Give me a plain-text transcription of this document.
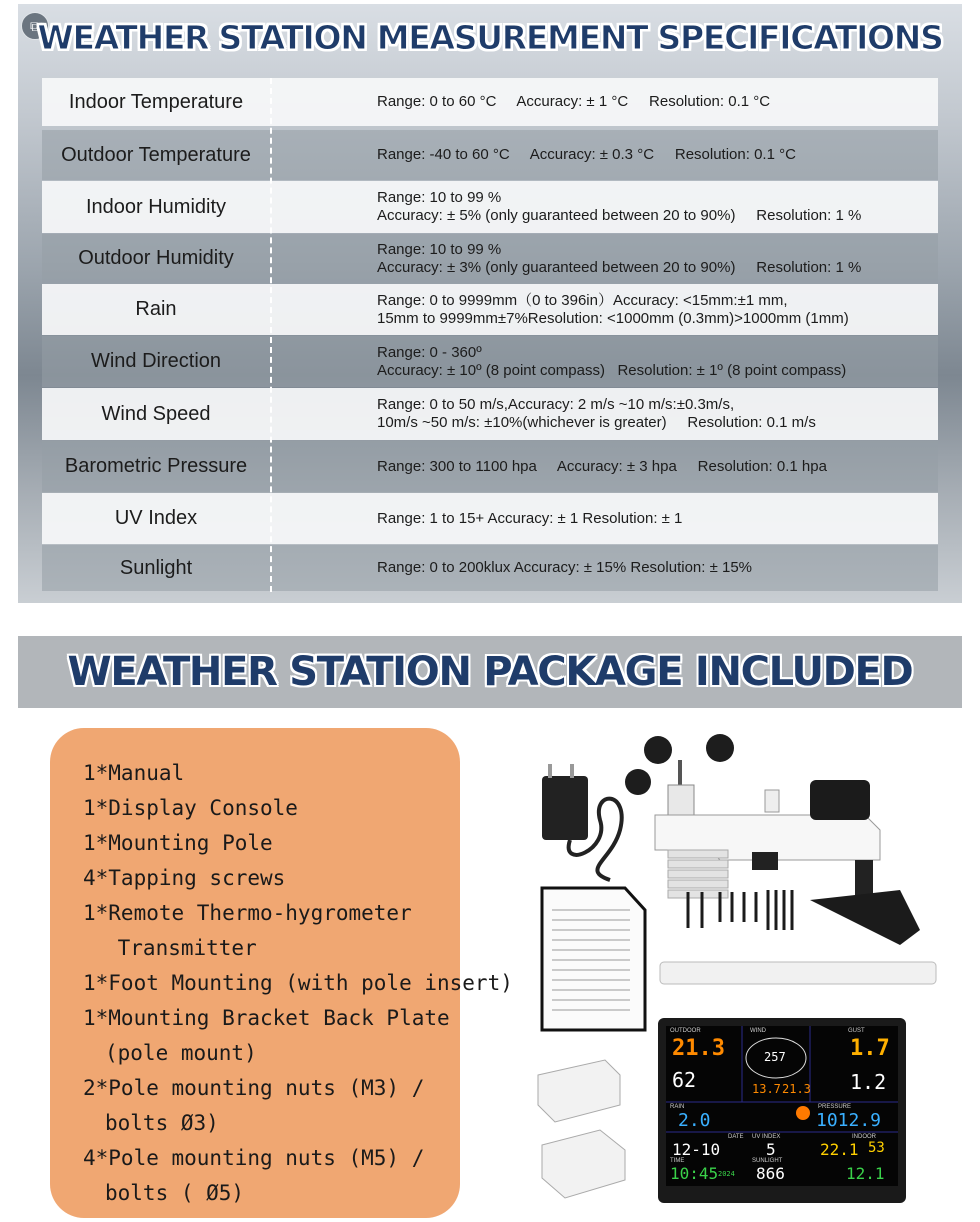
⧉
WEATHER STATION MEASUREMENT SPECIFICATIONS
Indoor Temperature	Range: 0 to 60 °C     Accuracy: ± 1 °C     Resolution: 0.1 °C
Outdoor Temperature	Range: -40 to 60 °C     Accuracy: ± 0.3 °C     Resolution: 0.1 °C
Indoor Humidity	Range: 10 to 99 %
Accuracy: ± 5% (only guaranteed between 20 to 90%)     Resolution: 1 %
Outdoor Humidity	Range: 10 to 99 %
Accuracy: ± 3% (only guaranteed between 20 to 90%)     Resolution: 1 %
Rain	Range: 0 to 9999mm（0 to 396in）Accuracy: <15mm:±1 mm,
15mm to 9999mm±7%Resolution: <1000mm (0.3mm)>1000mm (1mm)
Wind Direction	Range: 0 - 360º
Accuracy: ± 10º (8 point compass)   Resolution: ± 1º (8 point compass)
Wind Speed	Range: 0 to 50 m/s,Accuracy: 2 m/s ~10 m/s:±0.3m/s,
10m/s ~50 m/s: ±10%(whichever is greater)     Resolution: 0.1 m/s
Barometric Pressure	Range: 300 to 1100 hpa     Accuracy: ± 3 hpa     Resolution: 0.1 hpa
UV Index	Range: 1 to 15+ Accuracy: ± 1 Resolution: ± 1
Sunlight	Range: 0 to 200klux Accuracy: ± 15% Resolution: ± 15%
WEATHER STATION PACKAGE INCLUDED
1*Manual
1*Display Console
1*Mounting Pole
4*Tapping screws
1*Remote Thermo-hygrometer
Transmitter
1*Foot Mounting (with pole insert)
1*Mounting Bracket Back Plate
(pole mount)
2*Pole mounting nuts (M3) /
bolts Ø3)
4*Pole mounting nuts (M5) /
bolts ( Ø5)
OUTDOOR
21.3
62
WIND
257
13.7 21.3
GUST
1.7
1.2
RAIN
2.0
PRESSURE
1012.9
DATE
12-10
UV INDEX
5
INDOOR
22.1 53
TIME
10:45 2024
SUNLIGHT
866	12.1
